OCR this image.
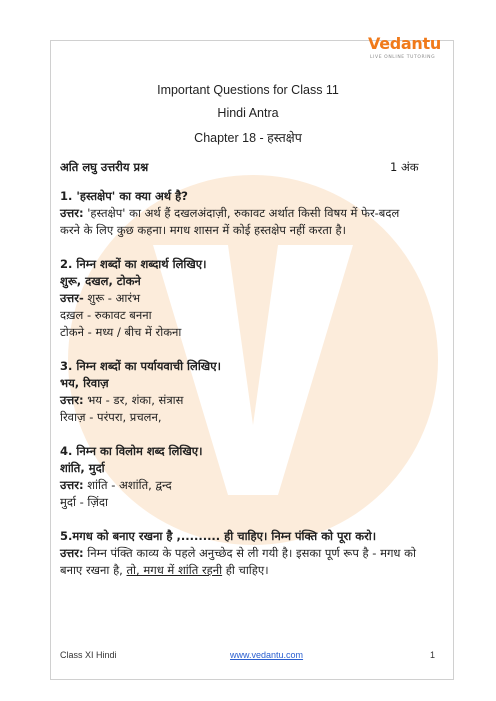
Vedantu
LIVE ONLINE TUTORING
Important Questions for Class 11
Hindi Antra
Chapter 18 - हस्तक्षेप
अति लघु उत्तरीय प्रश्न	1 अंक
1. 'हस्तक्षेप' का क्या अर्थ है?
उत्तर: 'हस्तक्षेप' का अर्थ हैं दखलअंदाज़ी, रुकावट अर्थात किसी विषय में फेर-बदल
करने के लिए कुछ कहना। मगध शासन में कोई हस्तक्षेप नहीं करता है।
2. निम्न शब्दों का शब्दार्थ लिखिए।
शुरू, दखल, टोकने
उत्तर- शुरू - आरंभ
दख़ल - रुकावट बनना
टोकने - मध्य / बीच में रोकना
3. निम्न शब्दों का पर्यायवाची लिखिए।
भय, रिवाज़
उत्तर: भय - डर, शंका, संत्रास
रिवाज़ - परंपरा, प्रचलन,
4. निम्न का विलोम शब्द लिखिए।
शांति, मुर्दा
उत्तर: शांति - अशांति, द्वन्द
मुर्दा - ज़िंदा
5.मगध को बनाए रखना है ,......... ही चाहिए। निम्न पंक्ति को पूरा करो।
उत्तर: निम्न पंक्ति काव्य के पहले अनुच्छेद से ली गयी है। इसका पूर्ण रूप है - मगध को
बनाए रखना है, तो, मगध में शांति रहनी ही चाहिए।
Class XI Hindi	www.vedantu.com	1
